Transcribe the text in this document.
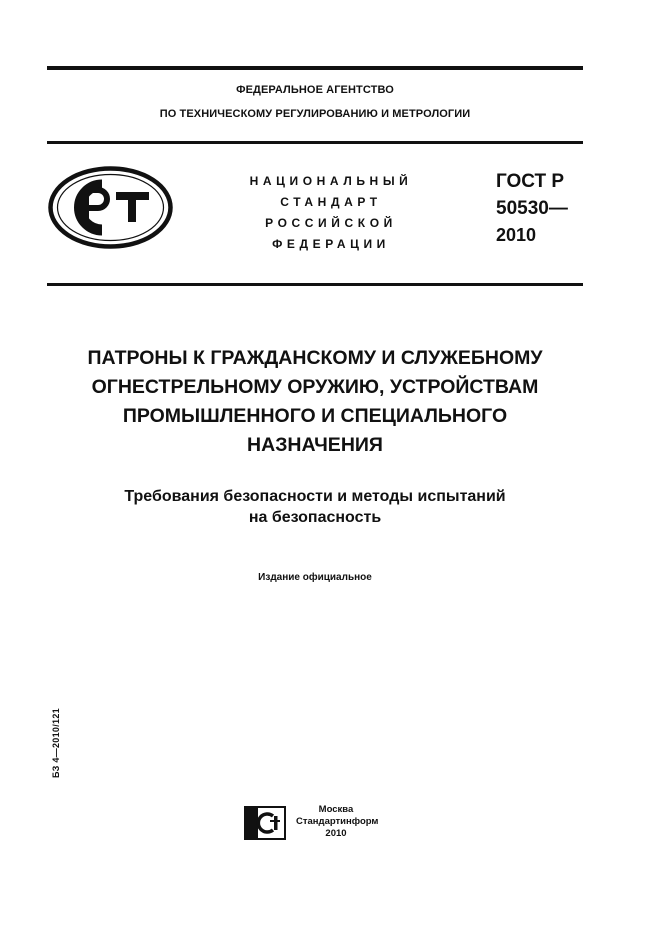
ФЕДЕРАЛЬНОЕ АГЕНТСТВО
ПО ТЕХНИЧЕСКОМУ РЕГУЛИРОВАНИЮ И МЕТРОЛОГИИ
НАЦИОНАЛЬНЫЙ
СТАНДАРТ
РОССИЙСКОЙ
ФЕДЕРАЦИИ
ГОСТ Р
50530—
2010
ПАТРОНЫ К ГРАЖДАНСКОМУ И СЛУЖЕБНОМУ
ОГНЕСТРЕЛЬНОМУ ОРУЖИЮ, УСТРОЙСТВАМ
ПРОМЫШЛЕННОГО И СПЕЦИАЛЬНОГО
НАЗНАЧЕНИЯ
Требования безопасности и методы испытаний
на безопасность
Издание официальное
БЗ 4—2010/121
Москва
Стандартинформ
2010
